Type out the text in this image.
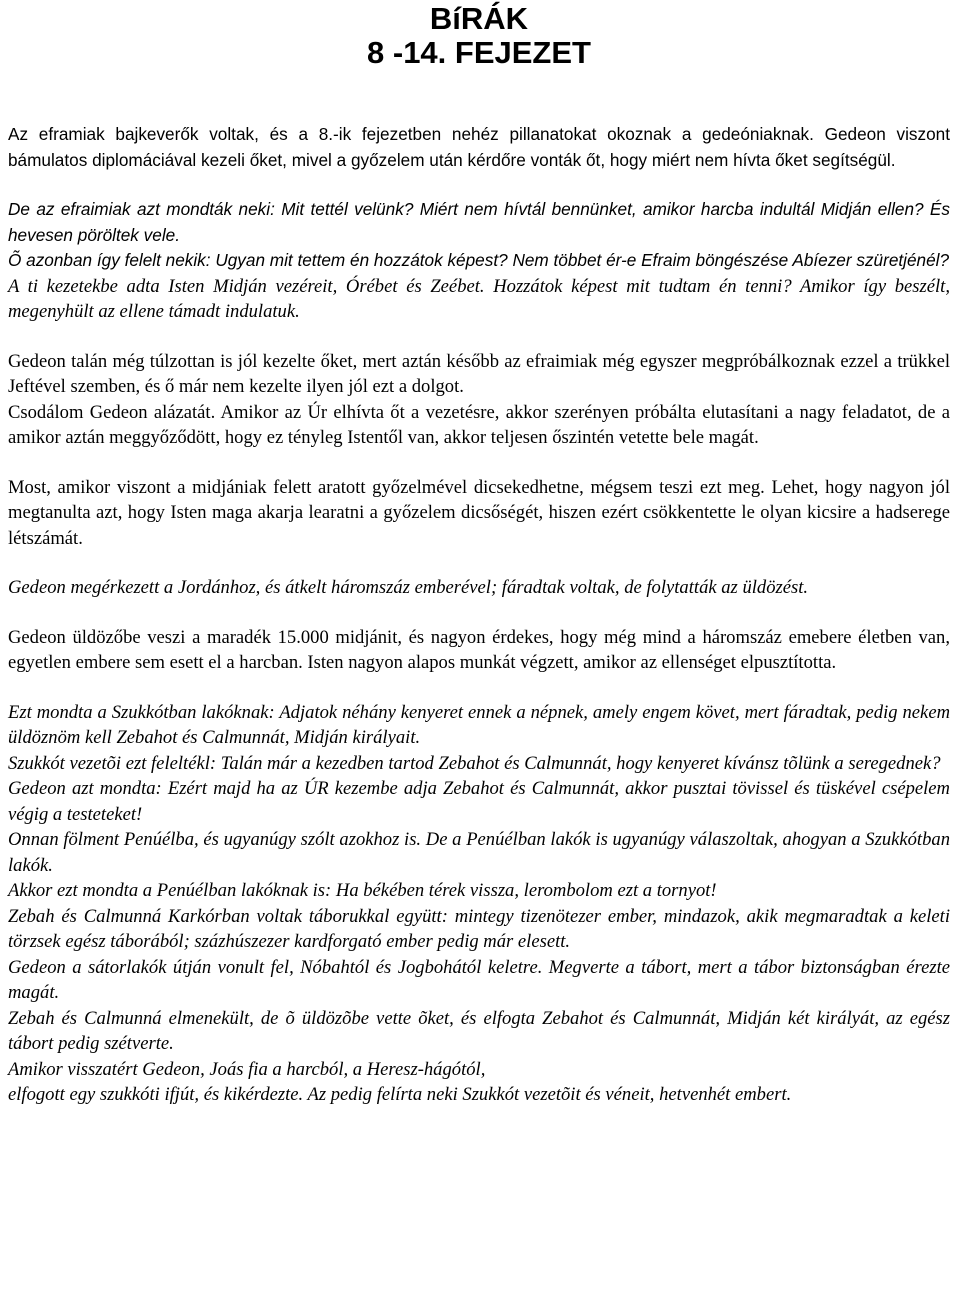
BíRÁK
8 -14. FEJEZET

Az eframiak bajkeverők voltak, és a 8.-ik fejezetben nehéz pillanatokat okoznak a gedeóniaknak. Gedeon viszont bámulatos diplomáciával kezeli őket, mivel a győzelem után kérdőre vonták őt, hogy miért nem hívta őket segítségül.

De az efraimiak azt mondták neki: Mit tettél velünk? Miért nem hívtál bennünket, amikor harcba indultál Midján ellen? És hevesen pöröltek vele.

Õ azonban így felelt nekik: Ugyan mit tettem én hozzátok képest? Nem többet ér-e Efraim böngészése Abíezer szüretjénél?

A ti kezetekbe adta Isten Midján vezéreit, Órébet és Zeébet. Hozzátok képest mit tudtam én tenni? Amikor így beszélt, megenyhült az ellene támadt indulatuk.

Gedeon talán még túlzottan is jól kezelte őket, mert aztán később az efraimiak még egyszer megpróbálkoznak ezzel a trükkel Jeftével szemben, és ő már nem kezelte ilyen jól ezt a dolgot.

Csodálom Gedeon alázatát. Amikor az Úr elhívta őt a vezetésre, akkor szerényen próbálta elutasítani a nagy feladatot, de a amikor aztán meggyőződött, hogy ez tényleg Istentől van, akkor teljesen őszintén vetette bele magát.

Most, amikor viszont a midjániak felett aratott győzelmével dicsekedhetne, mégsem teszi ezt meg. Lehet, hogy nagyon jól megtanulta azt, hogy Isten maga akarja learatni a győzelem dicsőségét, hiszen ezért csökkentette le olyan kicsire a hadserege létszámát.

Gedeon megérkezett a Jordánhoz, és átkelt háromszáz emberével; fáradtak voltak, de folytatták az üldözést.

Gedeon üldözőbe veszi a maradék 15.000 midjánit, és nagyon érdekes, hogy még mind a háromszáz emebere életben van, egyetlen embere sem esett el a harcban. Isten nagyon alapos munkát végzett, amikor az ellenséget elpusztította.

Ezt mondta a Szukkótban lakóknak: Adjatok néhány kenyeret ennek a népnek, amely engem követ, mert fáradtak, pedig nekem üldöznöm kell Zebahot és Calmunnát, Midján királyait.

Szukkót vezetõi ezt feleltékl: Talán már a kezedben tartod Zebahot és Calmunnát, hogy kenyeret kívánsz tõlünk a seregednek?

Gedeon azt mondta: Ezért majd ha az ÚR kezembe adja Zebahot és Calmunnát, akkor pusztai tövissel és tüskével csépelem végig a testeteket!

Onnan fölment Penúélba, és ugyanúgy szólt azokhoz is. De a Penúélban lakók is ugyanúgy válaszoltak, ahogyan a Szukkótban lakók.

Akkor ezt mondta a Penúélban lakóknak is: Ha békében térek vissza, lerombolom ezt a tornyot!

Zebah és Calmunná Karkórban voltak táborukkal együtt: mintegy tizenötezer ember, mindazok, akik megmaradtak a keleti törzsek egész táborából; százhúszezer kardforgató ember pedig már elesett.

Gedeon a sátorlakók útján vonult fel, Nóbahtól és Jogbohától keletre. Megverte a tábort, mert a tábor biztonságban érezte magát.

Zebah és Calmunná elmenekült, de õ üldözõbe vette õket, és elfogta Zebahot és Calmunnát, Midján két királyát, az egész tábort pedig szétverte.

Amikor visszatért Gedeon, Joás fia a harcból, a Heresz-hágótól,

elfogott egy szukkóti ifjút, és kikérdezte. Az pedig felírta neki Szukkót vezetõit és véneit, hetvenhét embert.
